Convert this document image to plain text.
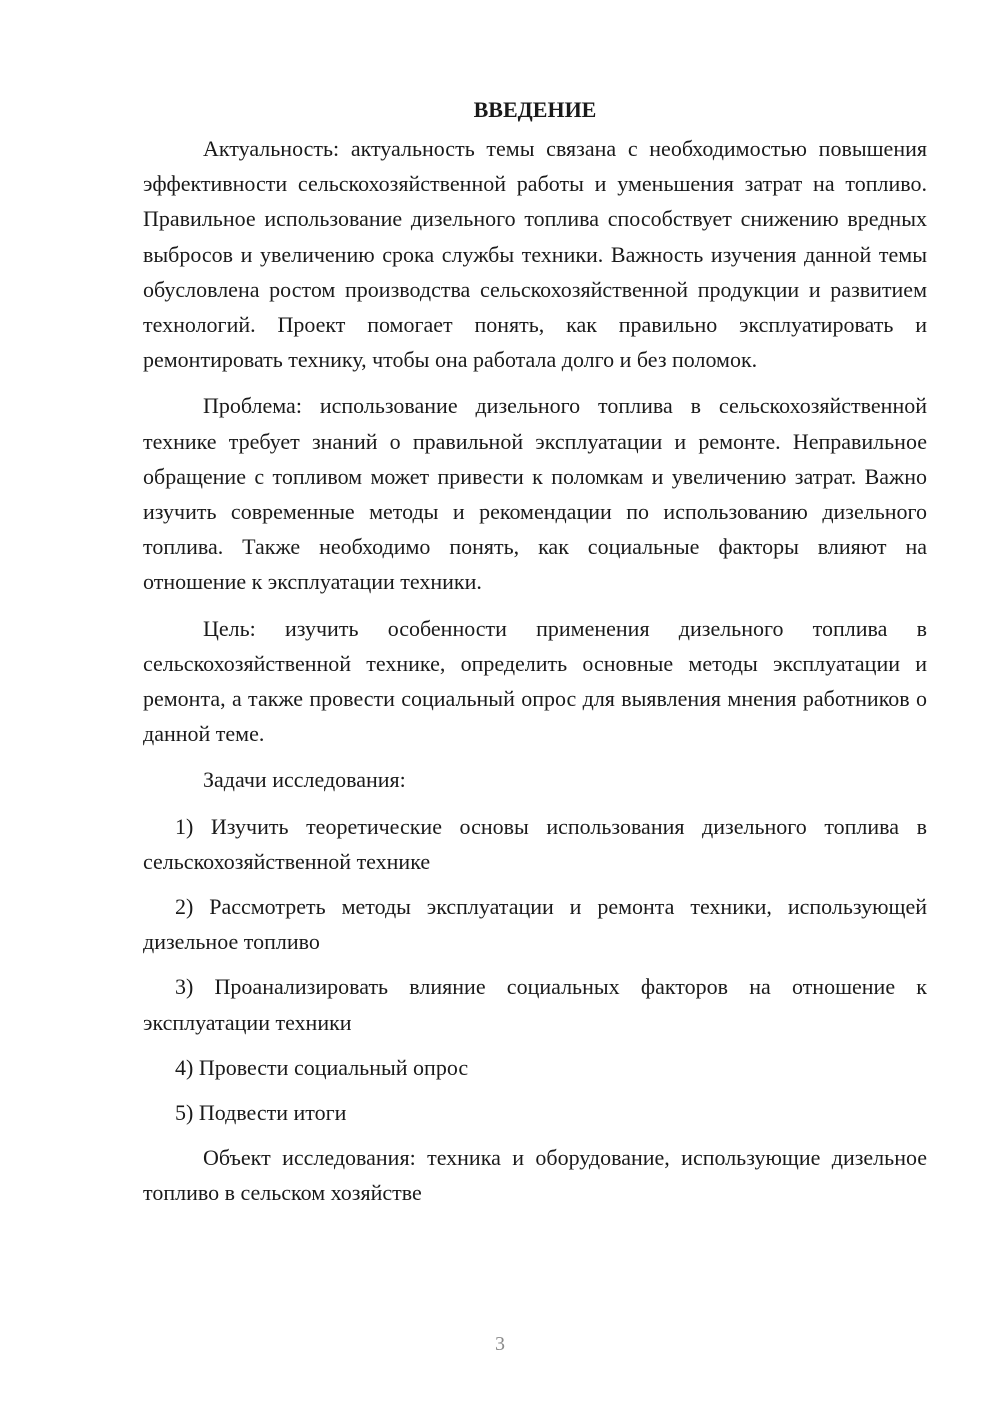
ВВЕДЕНИЕ

Актуальность: актуальность темы связана с необходимостью повышения эффективности сельскохозяйственной работы и уменьшения затрат на топливо. Правильное использование дизельного топлива способствует снижению вредных выбросов и увеличению срока службы техники. Важность изучения данной темы обусловлена ростом производства сельскохозяйственной продукции и развитием технологий. Проект помогает понять, как правильно эксплуатировать и ремонтировать технику, чтобы она работала долго и без поломок.

Проблема: использование дизельного топлива в сельскохозяйственной технике требует знаний о правильной эксплуатации и ремонте. Неправильное обращение с топливом может привести к поломкам и увеличению затрат. Важно изучить современные методы и рекомендации по использованию дизельного топлива. Также необходимо понять, как социальные факторы влияют на отношение к эксплуатации техники.

Цель: изучить особенности применения дизельного топлива в сельскохозяйственной технике, определить основные методы эксплуатации и ремонта, а также провести социальный опрос для выявления мнения работников о данной теме.

Задачи исследования:

1) Изучить теоретические основы использования дизельного топлива в сельскохозяйственной технике

2) Рассмотреть методы эксплуатации и ремонта техники, использующей дизельное топливо

3) Проанализировать влияние социальных факторов на отношение к эксплуатации техники

4) Провести социальный опрос

5) Подвести итоги

Объект исследования: техника и оборудование, использующие дизельное топливо в сельском хозяйстве

3
